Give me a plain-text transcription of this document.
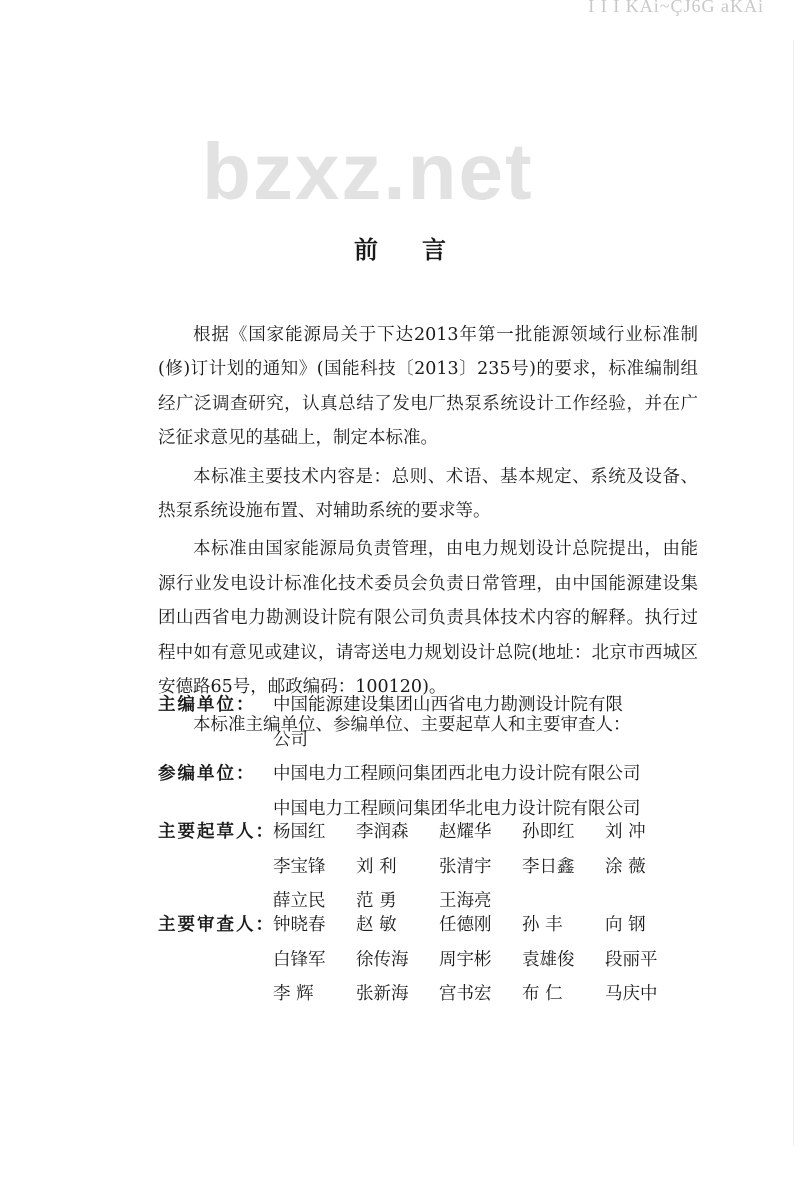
I I I KAi~ÇJ6G aKAi
bzxz.net
前言

根据《国家能源局关于下达2013年第一批能源领域行业标准制(修)订计划的通知》(国能科技〔2013〕235号)的要求，标准编制组经广泛调查研究，认真总结了发电厂热泵系统设计工作经验，并在广泛征求意见的基础上，制定本标准。

本标准主要技术内容是：总则、术语、基本规定、系统及设备、热泵系统设施布置、对辅助系统的要求等。

本标准由国家能源局负责管理，由电力规划设计总院提出，由能源行业发电设计标准化技术委员会负责日常管理，由中国能源建设集团山西省电力勘测设计院有限公司负责具体技术内容的解释。执行过程中如有意见或建议，请寄送电力规划设计总院(地址：北京市西城区安德路65号，邮政编码：100120)。

本标准主编单位、参编单位、主要起草人和主要审查人：

主编单位：	中国能源建设集团山西省电力勘测设计院有限
公司
参编单位：	中国电力工程顾问集团西北电力设计院有限公司
中国电力工程顾问集团华北电力设计院有限公司
主要起草人：
杨国红	李润森	赵耀华	孙即红	刘 冲
李宝锋	刘 利	张清宇	李日鑫	涂 薇
薛立民	范 勇	王海亮
主要审查人：
钟晓春	赵 敏	任德刚	孙 丰	向 钢
白锋军	徐传海	周宇彬	袁雄俊	段丽平
李 辉	张新海	宫书宏	布 仁	马庆中
